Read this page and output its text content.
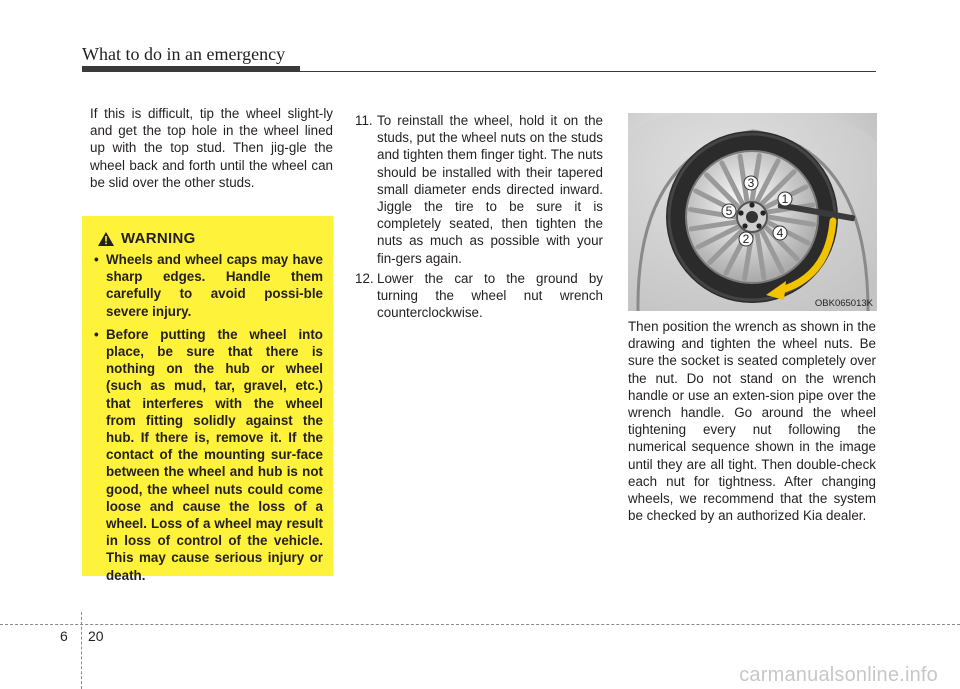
What to do in an emergency
If this is difficult, tip the wheel slight-ly and get the top hole in the wheel lined up with the top stud. Then jig-gle the wheel back and forth until the wheel can be slid over the other studs.
WARNING
• Wheels and wheel caps may have sharp edges. Handle them carefully to avoid possi-ble severe injury.
• Before putting the wheel into place, be sure that there is nothing on the hub or wheel (such as mud, tar, gravel, etc.) that interferes with the wheel from fitting solidly against the hub. If there is, remove it. If the contact of the mounting sur-face between the wheel and hub is not good, the wheel nuts could come loose and cause the loss of a wheel. Loss of a wheel may result in loss of control of the vehicle. This may cause serious injury or death.
11. To reinstall the wheel, hold it on the studs, put the wheel nuts on the studs and tighten them finger tight. The nuts should be installed with their tapered small diameter ends directed inward. Jiggle the tire to be sure it is completely seated, then tighten the nuts as much as possible with your fin-gers again.
12. Lower the car to the ground by turning the wheel nut wrench counterclockwise.
1
2
3
4
5
OBK065013K
Then position the wrench as shown in the drawing and tighten the wheel nuts. Be sure the socket is seated completely over the nut. Do not stand on the wrench handle or use an exten-sion pipe over the wrench handle. Go around the wheel tightening every nut following the numerical sequence shown in the image until they are all tight. Then double-check each nut for tightness. After changing wheels, we recommend that the system be checked by an authorized Kia dealer.
6 20
carmanualsonline.info
